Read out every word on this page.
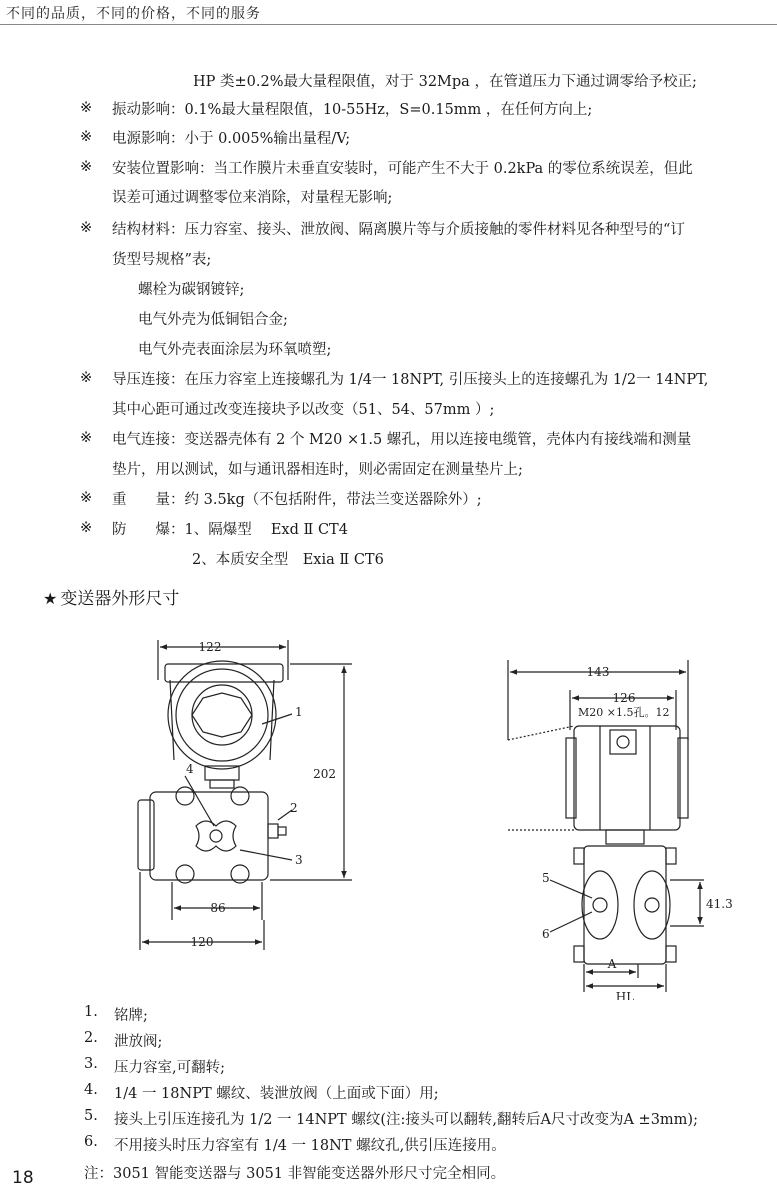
不同的品质，不同的价格，不同的服务
HP 类±0.2%最大量程限值，对于 32Mpa ，在管道压力下通过调零给予校正;
※ 振动影响：0.1%最大量程限值，10-55Hz，S=0.15mm ，在任何方向上;
※ 电源影响：小于 0.005%输出量程/V;
※ 安装位置影响：当工作膜片未垂直安装时，可能产生不大于 0.2kPa 的零位系统误差，但此
误差可通过调整零位来消除，对量程无影响;
※ 结构材料：压力容室、接头、泄放阀、隔离膜片等与介质接触的零件材料见各种型号的“订
货型号规格”表;
螺栓为碳钢镀锌;
电气外壳为低铜铝合金;
电气外壳表面涂层为环氧喷塑;
※ 导压连接：在压力容室上连接螺孔为 1/4一 18NPT, 引压接头上的连接螺孔为 1/2一 14NPT,
其中心距可通过改变连接块予以改变（51、54、57mm ）;
※ 电气连接：变送器壳体有 2 个 M20 ×1.5 螺孔，用以连接电缆管，壳体内有接线端和测量
垫片，用以测试，如与通讯器相连时，则必需固定在测量垫片上;
※ 重　　量：约 3.5kg（不包括附件，带法兰变送器除外）;
※ 防　　爆：1、隔爆型　 Exd Ⅱ CT4
2、本质安全型　Exia Ⅱ CT6
★ 变送器外形尺寸
122
202
86
120
1
2
3
4
143
126
M20 ×1.5孔。12
41.3
A
HL
5
6
1. 铭牌;
2. 泄放阀;
3. 压力容室,可翻转;
4. 1/4 一 18NPT 螺纹、装泄放阀（上面或下面）用;
5. 接头上引压连接孔为 1/2 一 14NPT 螺纹(注:接头可以翻转,翻转后A尺寸改变为A ±3mm);
6. 不用接头时压力容室有 1/4 一 18NT 螺纹孔,供引压连接用。
18	注：3051 智能变送器与 3051 非智能变送器外形尺寸完全相同。
